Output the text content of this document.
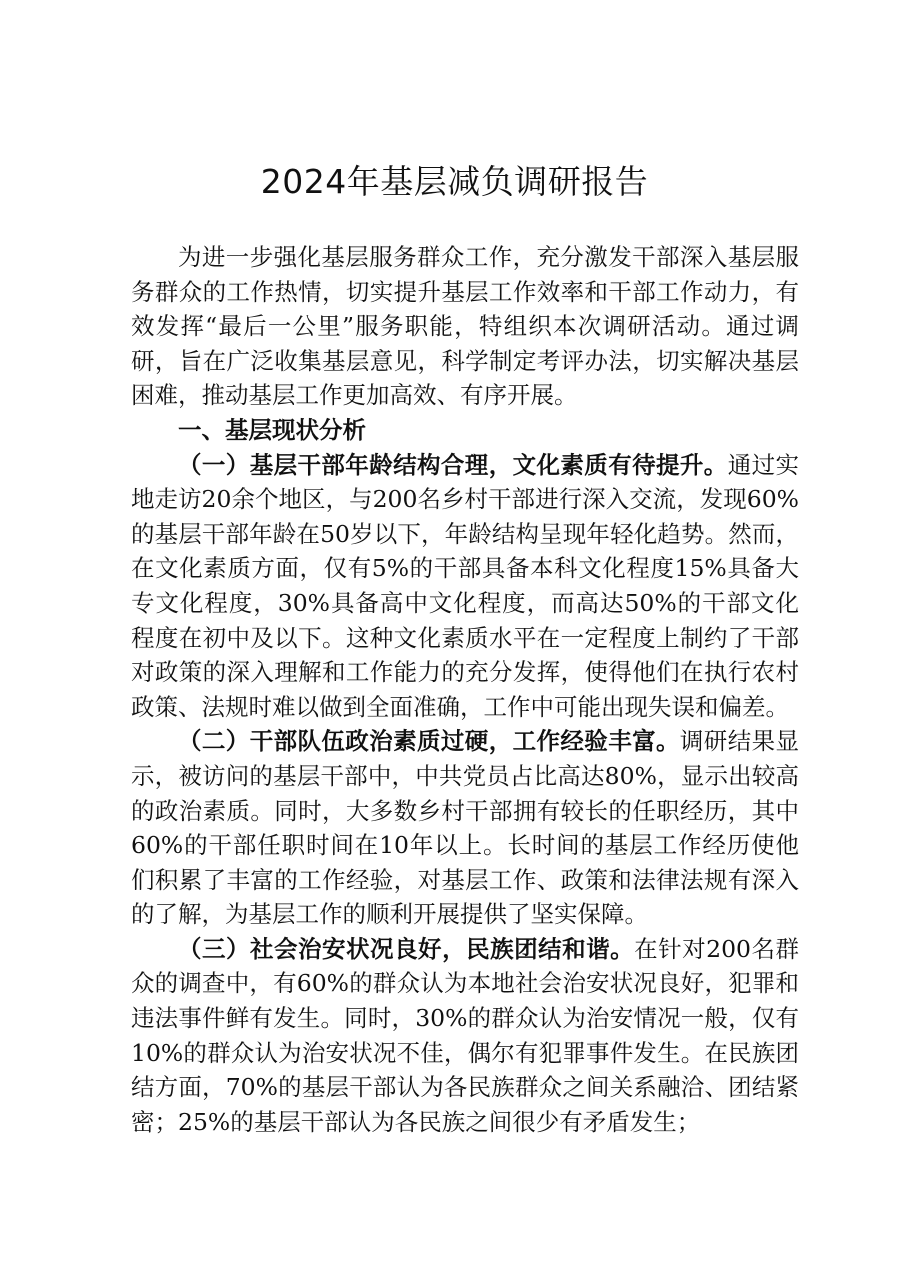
2024年基层减负调研报告

为进一步强化基层服务群众工作，充分激发干部深入基层服务群众的工作热情，切实提升基层工作效率和干部工作动力，有效发挥“最后一公里”服务职能，特组织本次调研活动。通过调研，旨在广泛收集基层意见，科学制定考评办法，切实解决基层困难，推动基层工作更加高效、有序开展。

一、基层现状分析

（一）基层干部年龄结构合理，文化素质有待提升。通过实地走访20余个地区，与200名乡村干部进行深入交流，发现60%的基层干部年龄在50岁以下，年龄结构呈现年轻化趋势。然而，在文化素质方面，仅有5%的干部具备本科文化程度15%具备大专文化程度，30%具备高中文化程度，而高达50%的干部文化程度在初中及以下。这种文化素质水平在一定程度上制约了干部对政策的深入理解和工作能力的充分发挥，使得他们在执行农村政策、法规时难以做到全面准确，工作中可能出现失误和偏差。

（二）干部队伍政治素质过硬，工作经验丰富。调研结果显示，被访问的基层干部中，中共党员占比高达80%，显示出较高的政治素质。同时，大多数乡村干部拥有较长的任职经历，其中60%的干部任职时间在10年以上。长时间的基层工作经历使他们积累了丰富的工作经验，对基层工作、政策和法律法规有深入的了解，为基层工作的顺利开展提供了坚实保障。

（三）社会治安状况良好，民族团结和谐。在针对200名群众的调查中，有60%的群众认为本地社会治安状况良好，犯罪和违法事件鲜有发生。同时，30%的群众认为治安情况一般，仅有10%的群众认为治安状况不佳，偶尔有犯罪事件发生。在民族团结方面，70%的基层干部认为各民族群众之间关系融洽、团结紧密；25%的基层干部认为各民族之间很少有矛盾发生；
